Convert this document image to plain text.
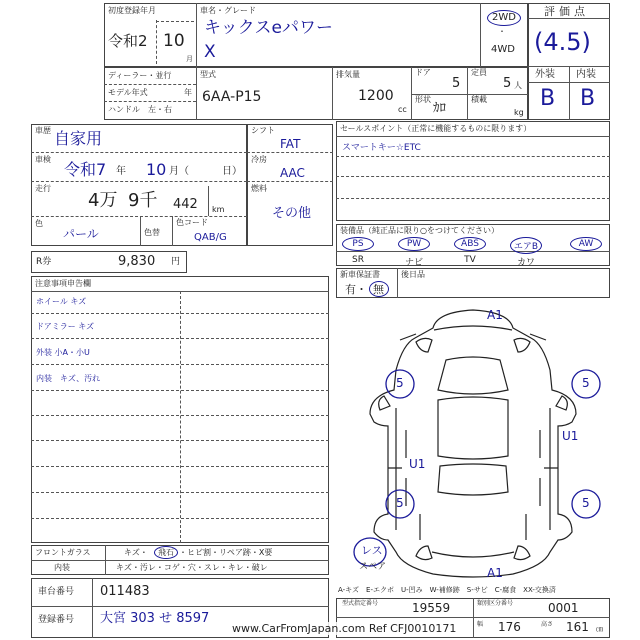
初度登録年月
令和2 10
月
車名・グレード
キックスeパワー
X
2WD
・
4WD
評価点
(4.5)
外装 内装
B B
ディーラー・並行
モデル年式	年
ハンドル　左・右
型式
6AA-P15
排気量
1200
cc
ドア
5
定員
5 人
形状
ｶﾛ
積載
kg
車歴 自家用
車検
令和7 年 10 月（	日）
走行
4万 9千 442 km
色
パール	色替
色コード
QAB/G
シフト
FAT
冷房
AAC
燃料
その他
セールスポイント（正常に機能するものに限ります）
スマートキー☆ETC
装備品（純正品に限り○をつけてください）
PS	PW	ABS	エアB	AW
SR	ナビ	TV	カワ
新車保証書
有・ 無
後日品
R券	9,830 円
注意事項申告欄
ホイール キズ
ドアミラー キズ
外装 小A・小U
内装　キズ、汚れ
A1
5	5
U1
U1
5	5
A1
レス
スペア
A-キズ　E-エクボ　U-凹み　W-補修跡　S-サビ　C-腐食　XX-交換済
フロントガラス	キズ・ 飛石 ・ヒビ割・リペア跡・X要
内装	キズ・汚レ・コゲ・穴・スレ・キレ・破レ
車台番号 011483
登録番号 大宮 303 せ 8597
型式指定番号	19559	類別区分番号	0001
幅 176	高さ 161 ㎝
www.CarFromJapan.com Ref CFJ0010171
